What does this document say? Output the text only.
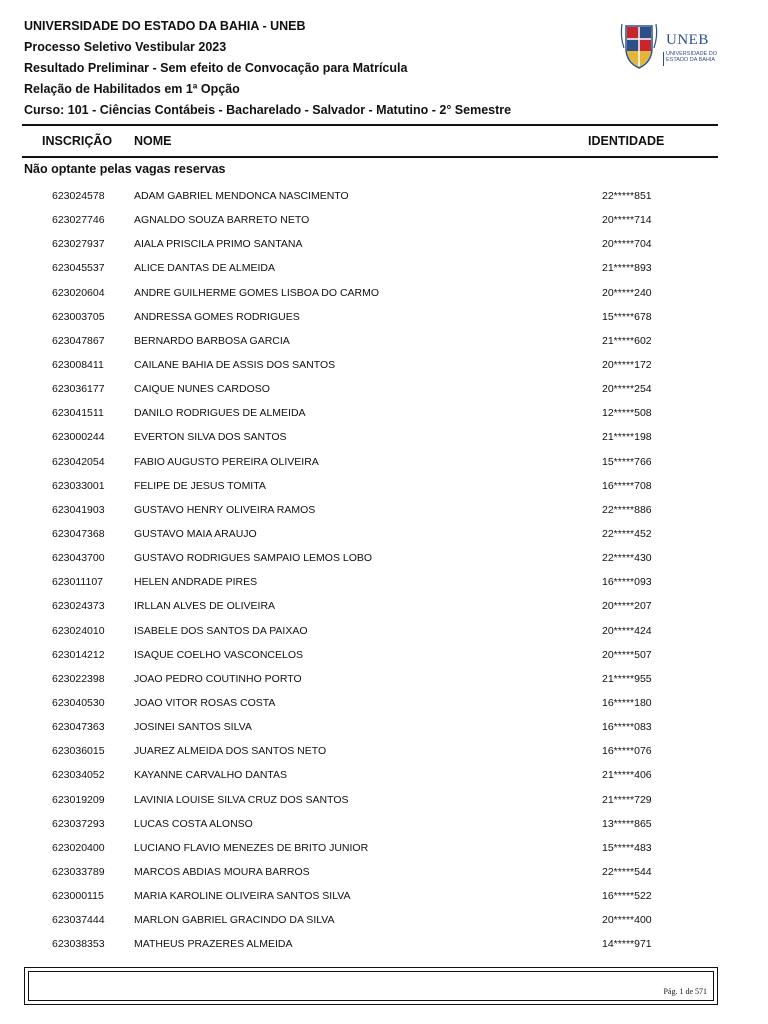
UNIVERSIDADE DO ESTADO DA BAHIA - UNEB
Processo Seletivo Vestibular 2023
Resultado Preliminar - Sem efeito de Convocação para Matrícula
Relação de Habilitados em 1ª Opção
UNEB
UNIVERSIDADE DO ESTADO DA BAHIA
Curso: 101 - Ciências Contábeis - Bacharelado - Salvador - Matutino - 2° Semestre
INSCRIÇÃO NOME	IDENTIDADE
Não optante pelas vagas reservas
623024578	ADAM GABRIEL MENDONCA NASCIMENTO	22*****851
623027746	AGNALDO SOUZA BARRETO NETO	20*****714
623027937	AIALA PRISCILA PRIMO SANTANA	20*****704
623045537	ALICE DANTAS DE ALMEIDA	21*****893
623020604	ANDRE GUILHERME GOMES LISBOA DO CARMO	20*****240
623003705	ANDRESSA GOMES RODRIGUES	15*****678
623047867	BERNARDO BARBOSA GARCIA	21*****602
623008411	CAILANE BAHIA DE ASSIS DOS SANTOS	20*****172
623036177	CAIQUE NUNES CARDOSO	20*****254
623041511	DANILO RODRIGUES DE ALMEIDA	12*****508
623000244	EVERTON SILVA DOS SANTOS	21*****198
623042054	FABIO AUGUSTO PEREIRA OLIVEIRA	15*****766
623033001	FELIPE DE JESUS TOMITA	16*****708
623041903	GUSTAVO HENRY OLIVEIRA RAMOS	22*****886
623047368	GUSTAVO MAIA ARAUJO	22*****452
623043700	GUSTAVO RODRIGUES SAMPAIO LEMOS LOBO	22*****430
623011107	HELEN ANDRADE PIRES	16*****093
623024373	IRLLAN ALVES DE OLIVEIRA	20*****207
623024010	ISABELE DOS SANTOS DA PAIXAO	20*****424
623014212	ISAQUE COELHO VASCONCELOS	20*****507
623022398	JOAO PEDRO COUTINHO PORTO	21*****955
623040530	JOAO VITOR ROSAS COSTA	16*****180
623047363	JOSINEI SANTOS SILVA	16*****083
623036015	JUAREZ ALMEIDA DOS SANTOS NETO	16*****076
623034052	KAYANNE CARVALHO DANTAS	21*****406
623019209	LAVINIA LOUISE SILVA CRUZ DOS SANTOS	21*****729
623037293	LUCAS COSTA ALONSO	13*****865
623020400	LUCIANO FLAVIO MENEZES DE BRITO JUNIOR	15*****483
623033789	MARCOS ABDIAS MOURA BARROS	22*****544
623000115	MARIA KAROLINE OLIVEIRA SANTOS SILVA	16*****522
623037444	MARLON GABRIEL GRACINDO DA SILVA	20*****400
623038353	MATHEUS PRAZERES ALMEIDA	14*****971
Pág. 1 de 571
